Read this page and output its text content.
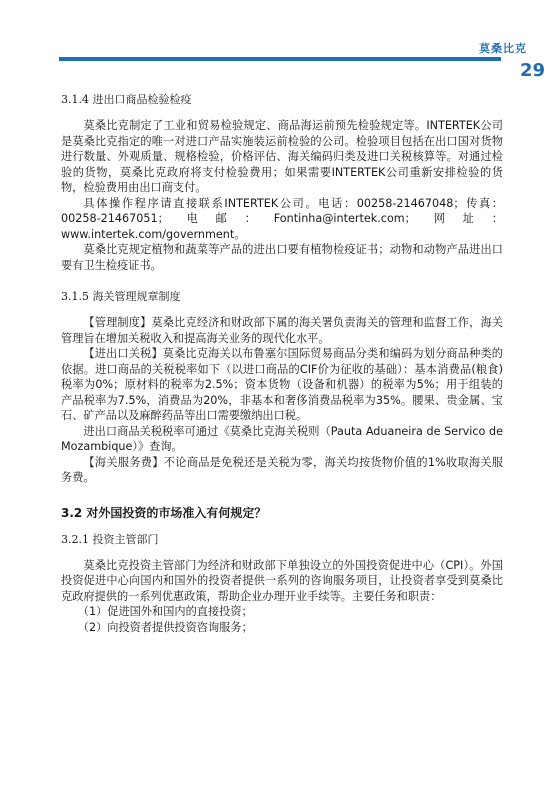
莫桑比克
29
3.1.4 进出口商品检验检疫

莫桑比克制定了工业和贸易检验规定、商品海运前预先检验规定等。INTERTEK公司是莫桑比克指定的唯一对进口产品实施装运前检验的公司。检验项目包括在出口国对货物进行数量、外观质量、规格检验，价格评估、海关编码归类及进口关税核算等。对通过检验的货物，莫桑比克政府将支付检验费用；如果需要INTERTEK公司重新安排检验的货物，检验费用由出口商支付。

具体操作程序请直接联系INTERTEK公司。电话：00258-21467048；传真：00258-21467051；电邮：Fontinha@intertek.com；网址：www.intertek.com/government。

莫桑比克规定植物和蔬菜等产品的进出口要有植物检疫证书；动物和动物产品进出口要有卫生检疫证书。

3.1.5 海关管理规章制度

【管理制度】莫桑比克经济和财政部下属的海关署负责海关的管理和监督工作，海关管理旨在增加关税收入和提高海关业务的现代化水平。

【进出口关税】莫桑比克海关以布鲁塞尔国际贸易商品分类和编码为划分商品种类的依据。进口商品的关税税率如下（以进口商品的CIF价为征收的基础）：基本消费品(粮食)税率为0%；原材料的税率为2.5%；资本货物（设备和机器）的税率为5%；用于组装的产品税率为7.5%，消费品为20%，非基本和奢侈消费品税率为35%。腰果、贵金属、宝石、矿产品以及麻醉药品等出口需要缴纳出口税。

进出口商品关税税率可通过《莫桑比克海关税则（Pauta Aduaneira de Servico de Mozambique）》查询。

【海关服务费】不论商品是免税还是关税为零，海关均按货物价值的1%收取海关服务费。

3.2 对外国投资的市场准入有何规定？
3.2.1 投资主管部门

莫桑比克投资主管部门为经济和财政部下单独设立的外国投资促进中心（CPI）。外国投资促进中心向国内和国外的投资者提供一系列的咨询服务项目，让投资者享受到莫桑比克政府提供的一系列优惠政策，帮助企业办理开业手续等。主要任务和职责：

（1）促进国外和国内的直接投资；
（2）向投资者提供投资咨询服务；
